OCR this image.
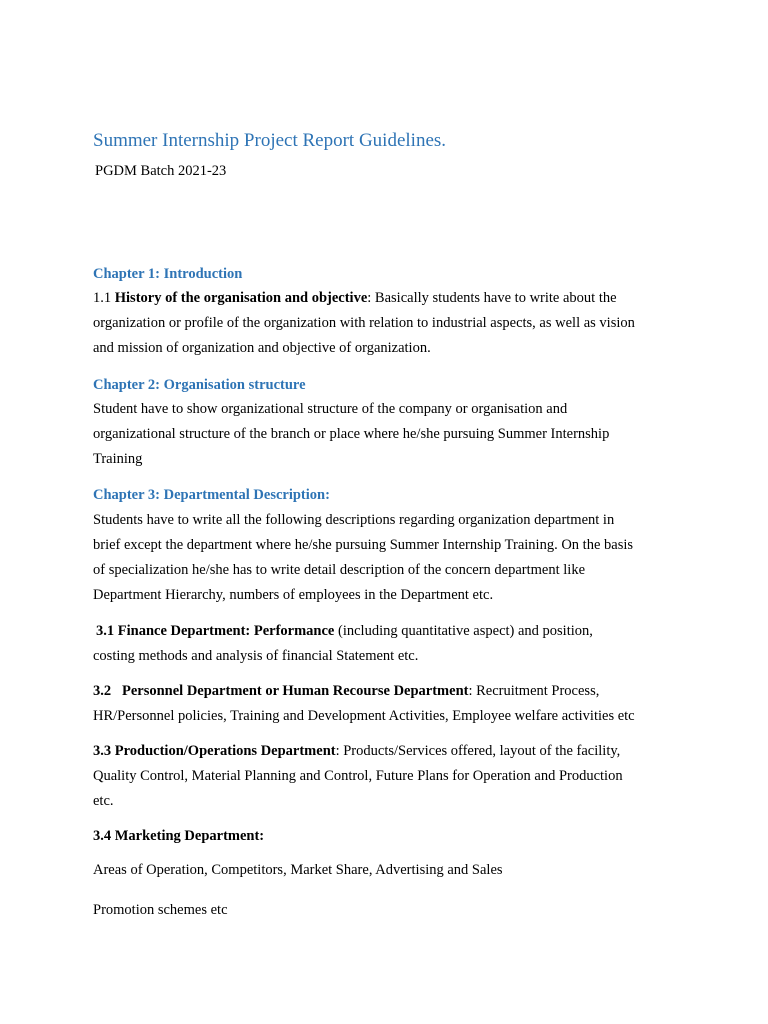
Summer Internship Project Report Guidelines.

PGDM Batch 2021-23

Chapter 1: Introduction

1.1 History of the organisation and objective: Basically students have to write about the
organization or profile of the organization with relation to industrial aspects, as well as vision
and mission of organization and objective of organization.

Chapter 2: Organisation structure

Student have to show organizational structure of the company or organisation and
organizational structure of the branch or place where he/she pursuing Summer Internship
Training

Chapter 3: Departmental Description:

Students have to write all the following descriptions regarding organization department in
brief except the department where he/she pursuing Summer Internship Training. On the basis
of specialization he/she has to write detail description of the concern department like
Department Hierarchy, numbers of employees in the Department etc.
3.1 Finance Department: Performance (including quantitative aspect) and position,
costing methods and analysis of financial Statement etc.
3.2   Personnel Department or Human Recourse Department: Recruitment Process,
HR/Personnel policies, Training and Development Activities, Employee welfare activities etc
3.3 Production/Operations Department: Products/Services offered, layout of the facility,
Quality Control, Material Planning and Control, Future Plans for Operation and Production
etc.
3.4 Marketing Department:
Areas of Operation, Competitors, Market Share, Advertising and Sales
Promotion schemes etc
